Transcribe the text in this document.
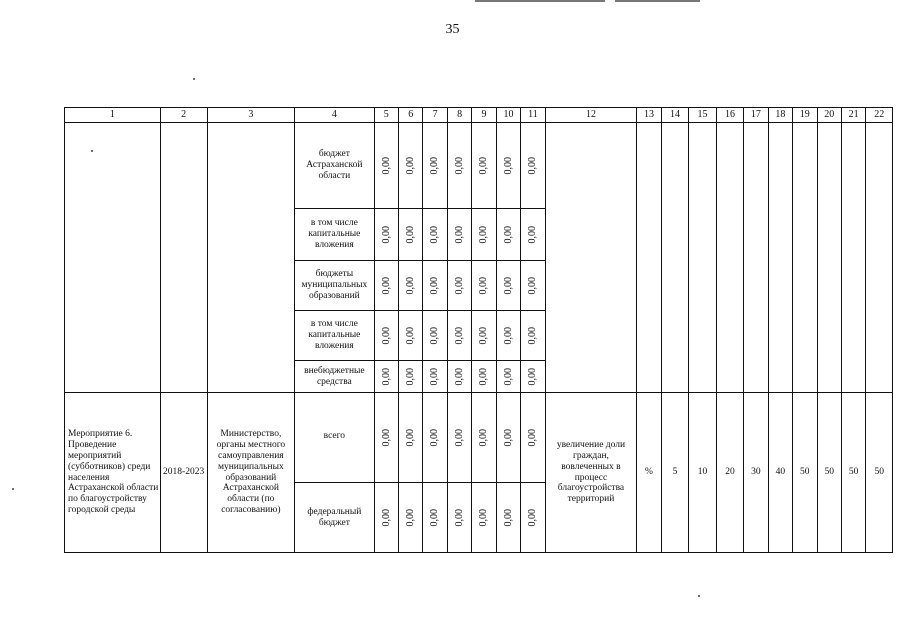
35
1	2	3	4	5	6	7	8	9	10	11	12	13	14	15	16	17	18	19	20	21	22
			бюджет Астраханской области	0,00	0,00	0,00	0,00	0,00	0,00	0,00											
			в том числе капитальные вложения	0,00	0,00	0,00	0,00	0,00	0,00	0,00											
			бюджеты муниципальных образований	0,00	0,00	0,00	0,00	0,00	0,00	0,00											
			в том числе капитальные вложения	0,00	0,00	0,00	0,00	0,00	0,00	0,00											
			внебюджетные средства	0,00	0,00	0,00	0,00	0,00	0,00	0,00											
Мероприятие 6. Проведение мероприятий (субботников) среди населения Астраханской области по благоустройству городской среды	2018-2023	Министерство, органы местного самоуправления муниципальных образований Астраханской области (по согласованию)	всего	0,00	0,00	0,00	0,00	0,00	0,00	0,00	увеличение доли граждан, вовлеченных в процесс благоустройства территорий	%	5	10	20	30	40	50	50	50	50
			федеральный бюджет	0,00	0,00	0,00	0,00	0,00	0,00	0,00											
